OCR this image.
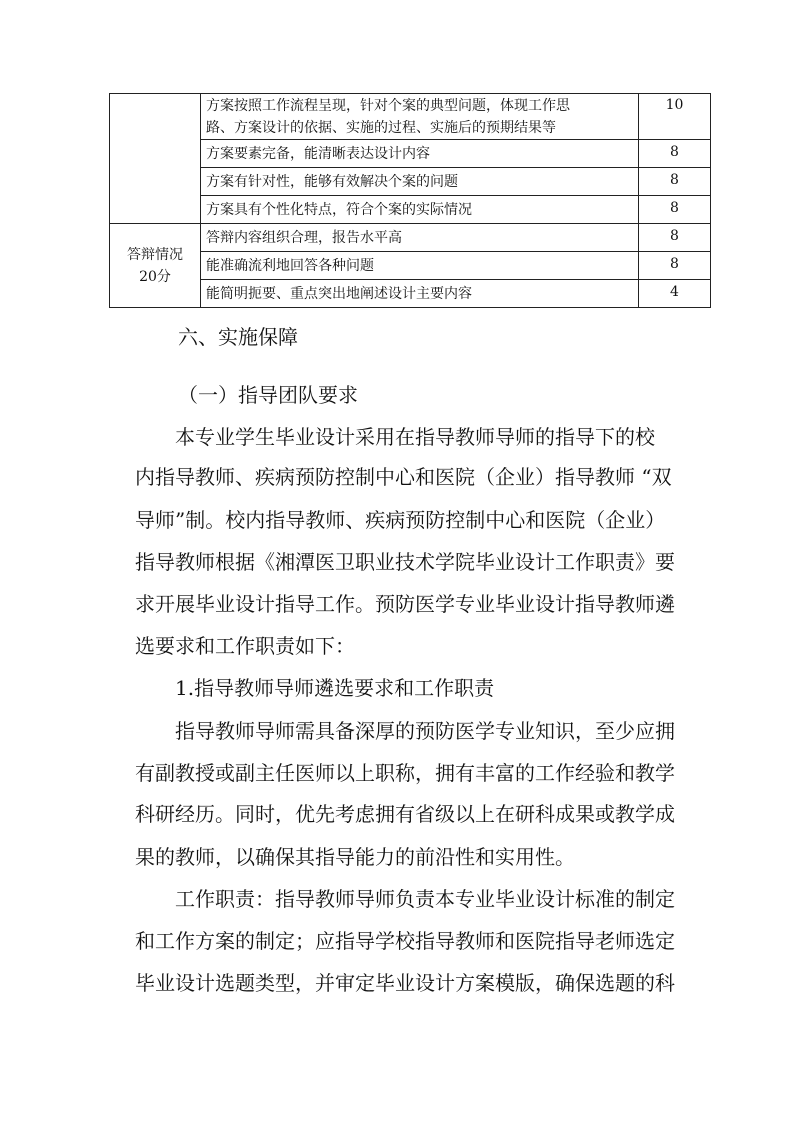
	方案按照工作流程呈现，针对个案的典型问题，体现工作思
路、方案设计的依据、实施的过程、实施后的预期结果等	10
	方案要素完备，能清晰表达设计内容	8
	方案有针对性，能够有效解决个案的问题	8
	方案具有个性化特点，符合个案的实际情况	8
答辩情况
20分	答辩内容组织合理，报告水平高	8
	能准确流利地回答各种问题	8
	能简明扼要、重点突出地阐述设计主要内容	4
六、实施保障
（一）指导团队要求
本专业学生毕业设计采用在指导教师导师的指导下的校
内指导教师、疾病预防控制中心和医院（企业）指导教师 “双
导师”制。校内指导教师、疾病预防控制中心和医院（企业）
指导教师根据《湘潭医卫职业技术学院毕业设计工作职责》要
求开展毕业设计指导工作。预防医学专业毕业设计指导教师遴
选要求和工作职责如下：
1.指导教师导师遴选要求和工作职责
指导教师导师需具备深厚的预防医学专业知识，至少应拥
有副教授或副主任医师以上职称，拥有丰富的工作经验和教学
科研经历。同时，优先考虑拥有省级以上在研科成果或教学成
果的教师，以确保其指导能力的前沿性和实用性。
工作职责：指导教师导师负责本专业毕业设计标准的制定
和工作方案的制定；应指导学校指导教师和医院指导老师选定
毕业设计选题类型，并审定毕业设计方案模版，确保选题的科
